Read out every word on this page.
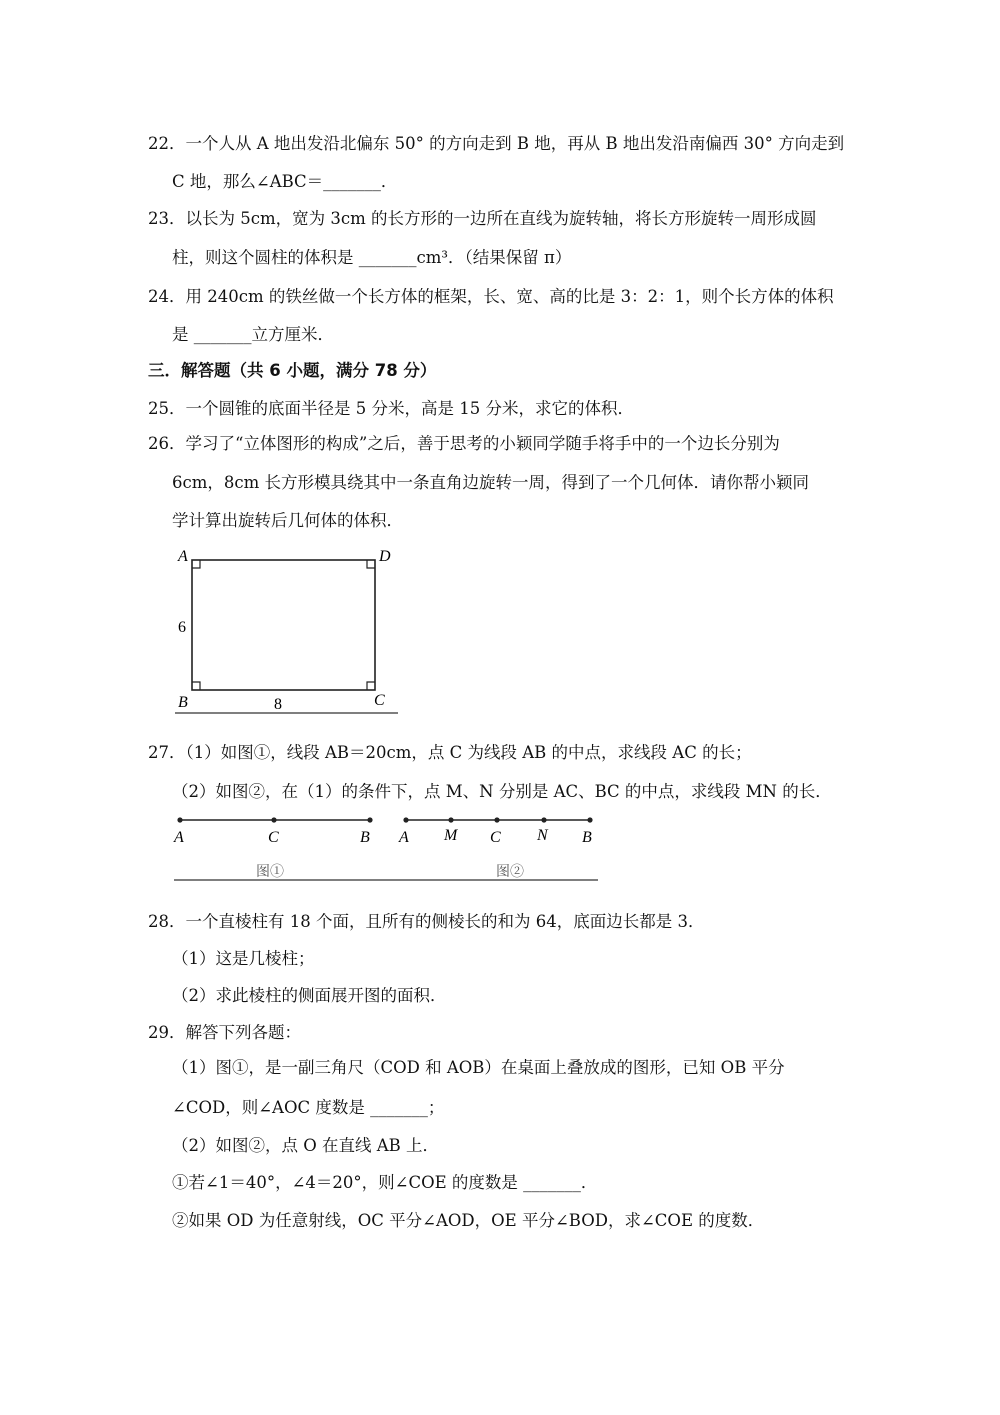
22．一个人从 A 地出发沿北偏东 50° 的方向走到 B 地，再从 B 地出发沿南偏西 30° 方向走到
C 地，那么∠ABC＝_______．
23．以长为 5cm，宽为 3cm 的长方形的一边所在直线为旋转轴，将长方形旋转一周形成圆
柱，则这个圆柱的体积是 _______cm³．（结果保留 π）
24．用 240cm 的铁丝做一个长方体的框架，长、宽、高的比是 3：2：1，则个长方体的体积
是 _______立方厘米．
三．解答题（共 6 小题，满分 78 分）
25．一个圆锥的底面半径是 5 分米，高是 15 分米，求它的体积．
26．学习了“立体图形的构成”之后，善于思考的小颖同学随手将手中的一个边长分别为
6cm，8cm 长方形模具绕其中一条直角边旋转一周，得到了一个几何体．请你帮小颖同
学计算出旋转后几何体的体积．
A	D
B	C
6
8
27．（1）如图①，线段 AB＝20cm，点 C 为线段 AB 的中点，求线段 AC 的长；
（2）如图②，在（1）的条件下，点 M、N 分别是 AC、BC 的中点，求线段 MN 的长．
A	C	B
图①
A M C N B
图②
28．一个直棱柱有 18 个面，且所有的侧棱长的和为 64，底面边长都是 3．
（1）这是几棱柱；
（2）求此棱柱的侧面展开图的面积．
29．解答下列各题：
（1）图①，是一副三角尺（COD 和 AOB）在桌面上叠放成的图形，已知 OB 平分
∠COD，则∠AOC 度数是 _______；
（2）如图②，点 O 在直线 AB 上．
①若∠1＝40°，∠4＝20°，则∠COE 的度数是 _______．
②如果 OD 为任意射线，OC 平分∠AOD，OE 平分∠BOD，求∠COE 的度数．
